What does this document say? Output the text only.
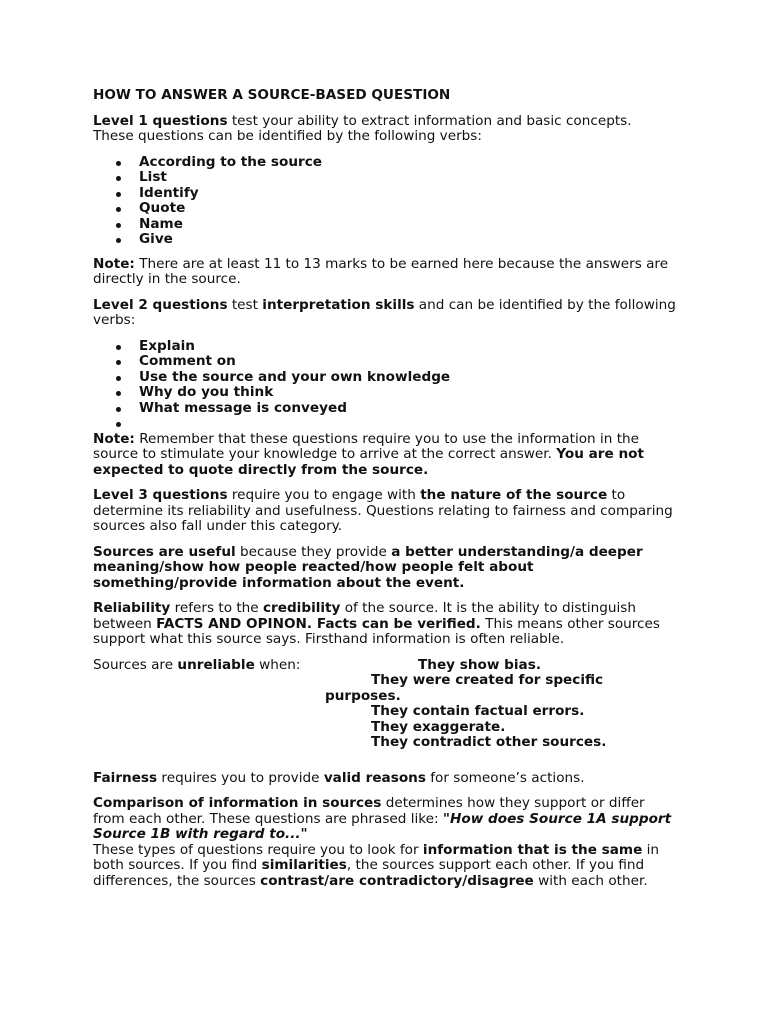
HOW TO ANSWER A SOURCE-BASED QUESTION

Level 1 questions test your ability to extract information and basic concepts. These questions can be identified by the following verbs:

According to the source
List
Identify
Quote
Name
Give

Note: There are at least 11 to 13 marks to be earned here because the answers are directly in the source.

Level 2 questions test interpretation skills and can be identified by the following verbs:

Explain
Comment on
Use the source and your own knowledge
Why do you think
What message is conveyed

Note: Remember that these questions require you to use the information in the source to stimulate your knowledge to arrive at the correct answer. You are not expected to quote directly from the source.

Level 3 questions require you to engage with the nature of the source to determine its reliability and usefulness. Questions relating to fairness and comparing sources also fall under this category.

Sources are useful because they provide a better understanding/a deeper meaning/show how people reacted/how people felt about something/provide information about the event.

Reliability refers to the credibility of the source. It is the ability to distinguish between FACTS AND OPINON. Facts can be verified. This means other sources support what this source says. Firsthand information is often reliable.

Sources are unreliable when:	They show bias.
They were created for specific
purposes.
They contain factual errors.
They exaggerate.
They contradict other sources.

Fairness requires you to provide valid reasons for someone’s actions.

Comparison of information in sources determines how they support or differ from each other. These questions are phrased like: "How does Source 1A support Source 1B with regard to..."
These types of questions require you to look for information that is the same in both sources. If you find similarities, the sources support each other. If you find differences, the sources contrast/are contradictory/disagree with each other.
